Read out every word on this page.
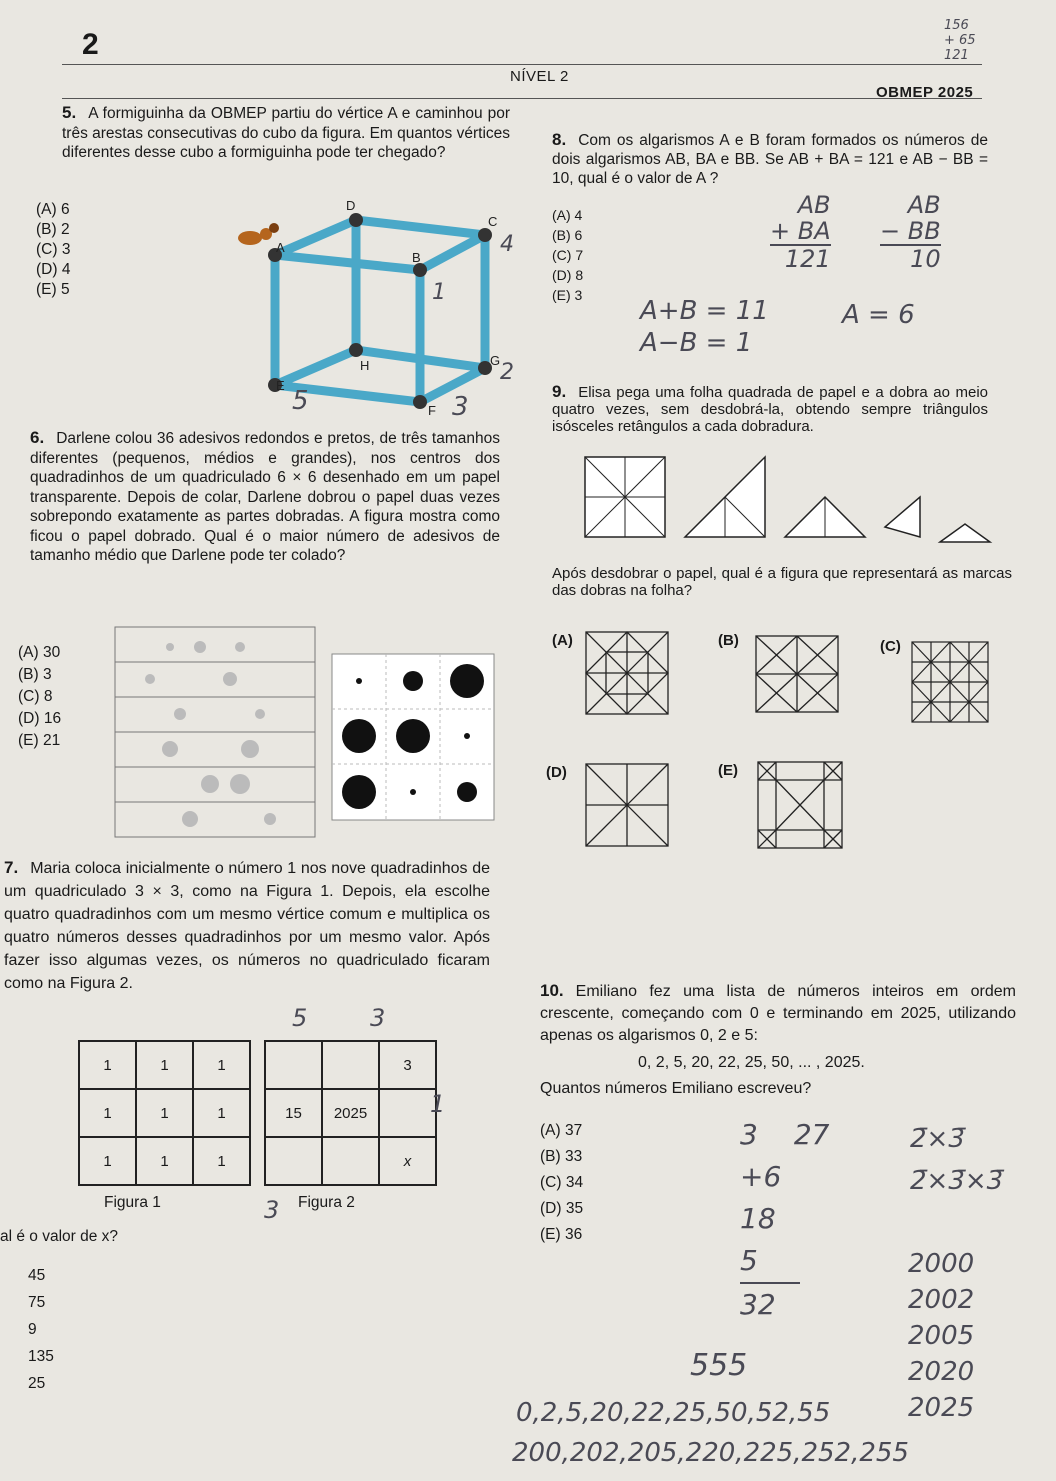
2
NÍVEL 2
OBMEP 2025
156
+ 65
121
5. A formiguinha da OBMEP partiu do vértice A e caminhou por três arestas consecutivas do cubo da figura. Em quantos vértices diferentes desse cubo a formiguinha pode ter chegado?
(A) 6
(B) 2
(C) 3
(D) 4
(E) 5
D
C
A
B
H	G
E
F
4
1
2
5	3
6. Darlene colou 36 adesivos redondos e pretos, de três tamanhos diferentes (pequenos, médios e grandes), nos centros dos quadradinhos de um quadriculado 6 × 6 desenhado em um papel transparente. Depois de colar, Darlene dobrou o papel duas vezes sobrepondo exatamente as partes dobradas. A figura mostra como ficou o papel dobrado. Qual é o maior número de adesivos de tamanho médio que Darlene pode ter colado?
(A) 30
(B) 3
(C) 8
(D) 16
(E) 21
7. Maria coloca inicialmente o número 1 nos nove quadradinhos de um quadriculado 3 × 3, como na Figura 1. Depois, ela escolhe quatro quadradinhos com um mesmo vértice comum e multiplica os quatro números desses quadradinhos por um mesmo valor. Após fazer isso algumas vezes, os números no quadriculado ficaram como na Figura 2.
1	1	1
1	1	1
1	1	1
		3
15	2025	
		x
Figura 1	Figura 2
al é o valor de x?
45
75
9
135
25
5	3
1
3
8. Com os algarismos A e B foram formados os números de dois algarismos AB, BA e BB. Se AB + BA = 121 e AB − BB = 10, qual é o valor de A ?
(A) 4
(B) 6
(C) 7
(D) 8
(E) 3
AB
+ BA
121
AB
− BB
10
A+B = 11
A−B = 1
A = 6
9. Elisa pega uma folha quadrada de papel e a dobra ao meio quatro vezes, sem desdobrá-la, obtendo sempre triângulos isósceles retângulos a cada dobradura.
Após desdobrar o papel, qual é a figura que representará as marcas das dobras na folha?
(A)	(B)	(C)
(D)	(E)
10. Emiliano fez uma lista de números inteiros em ordem crescente, começando com 0 e terminando em 2025, utilizando apenas os algarismos 0, 2 e 5:
0, 2, 5, 20, 22, 25, 50, ... , 2025.
Quantos números Emiliano escreveu?
(A) 37
(B) 33
(C) 34
(D) 35
(E) 36
3 27
+6
18
5
32
2̄×3̄
2̄×3̄×3̄
555
2000
2002
2005
2020
2025
0,2,5,20,22,25,50,52,55
200,202,205,220,225,252,255
